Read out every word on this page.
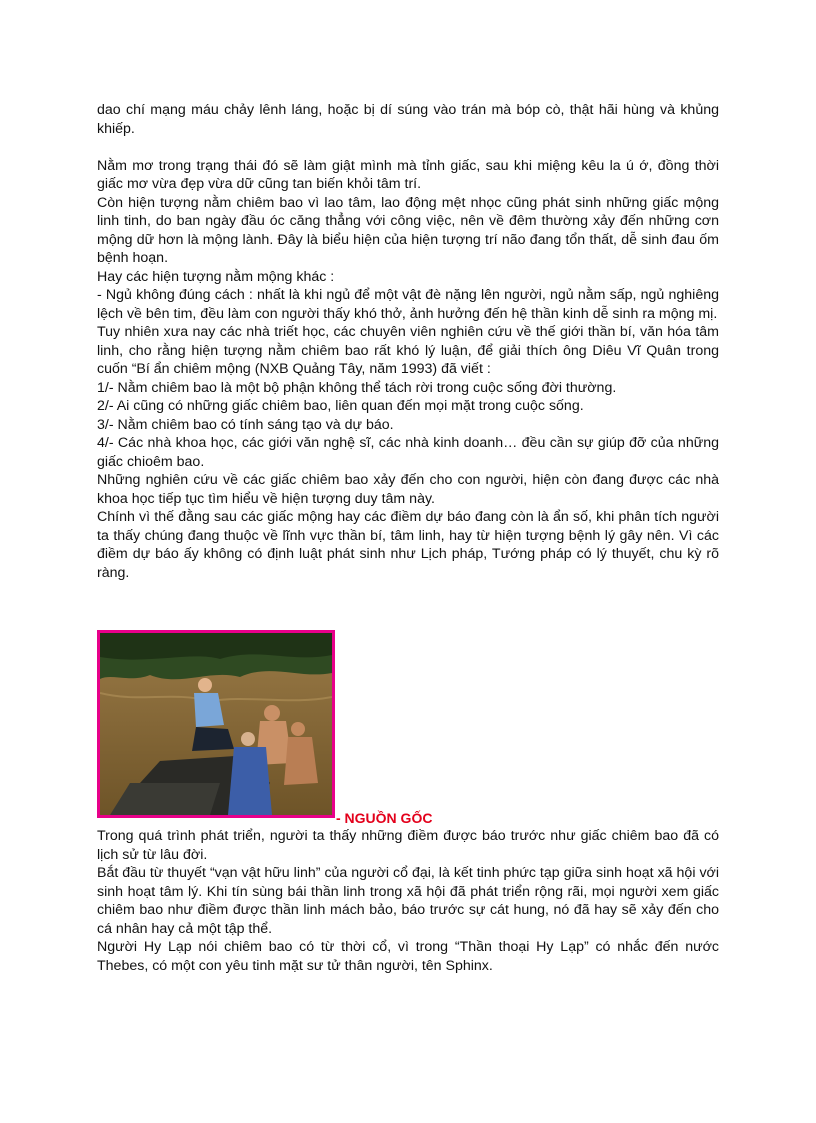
dao chí mạng máu chảy lênh láng, hoặc bị dí súng vào trán mà bóp cò, thật hãi hùng và khủng khiếp.

Nằm mơ trong trạng thái đó sẽ làm giật mình mà tỉnh giấc, sau khi miệng kêu la ú ớ, đồng thời giấc mơ vừa đẹp vừa dữ cũng tan biến khỏi tâm trí.

Còn hiện tượng nằm chiêm bao vì lao tâm, lao động mệt nhọc cũng phát sinh những giấc mộng linh tinh, do ban ngày đầu óc căng thẳng với công việc, nên về đêm thường xảy đến những cơn mộng dữ hơn là mộng lành. Đây là biểu hiện của hiện tượng trí não đang tổn thất, dễ sinh đau ốm bệnh hoạn.

Hay các hiện tượng nằm mộng khác :

- Ngủ không đúng cách : nhất là khi ngủ để một vật đè nặng lên người, ngủ nằm sấp, ngủ nghiêng lệch về bên tim, đều làm con người thấy khó thở, ảnh hưởng đến hệ thần kinh dễ sinh ra mộng mị.

Tuy nhiên xưa nay các nhà triết học, các chuyên viên nghiên cứu về thế giới thần bí, văn hóa tâm linh, cho rằng hiện tượng nằm chiêm bao rất khó lý luận, để giải thích ông Diêu Vĩ Quân trong cuốn “Bí ẩn chiêm mộng (NXB Quảng Tây, năm 1993) đã viết :

1/- Nằm chiêm bao là một bộ phận không thể tách rời trong cuộc sống đời thường.

2/- Ai cũng có những giấc chiêm bao, liên quan đến mọi mặt trong cuộc sống.

3/- Nằm chiêm bao có tính sáng tạo và dự báo.

4/- Các nhà khoa học, các giới văn nghệ sĩ, các nhà kinh doanh… đều cần sự giúp đỡ của những giấc chioêm bao.

Những nghiên cứu về các giấc chiêm bao xảy đến cho con người, hiện còn đang được các nhà khoa học tiếp tục tìm hiểu về hiện tượng duy tâm này.

Chính vì thế đằng sau các giấc mộng hay các điềm dự báo đang còn là ẩn số, khi phân tích người ta thấy chúng đang thuộc về lĩnh vực thần bí, tâm linh, hay từ hiện tượng bệnh lý gây nên. Vì các điềm dự báo ấy không có định luật phát sinh như Lịch pháp, Tướng pháp có lý thuyết, chu kỳ rõ ràng.

- NGUỒN GỐC

Trong quá trình phát triển, người ta thấy những điềm được báo trước như giấc chiêm bao đã có lịch sử từ lâu đời.

Bắt đầu từ thuyết “vạn vật hữu linh” của người cổ đại, là kết tinh phức tạp giữa sinh hoạt xã hội với sinh hoạt tâm lý. Khi tín sùng bái thần linh trong xã hội đã phát triển rộng rãi, mọi người xem giấc chiêm bao như điềm được thần linh mách bảo, báo trước sự cát hung, nó đã hay sẽ xảy đến cho cá nhân hay cả một tập thể.

Người Hy Lạp nói chiêm bao có từ thời cổ, vì trong “Thần thoại Hy Lạp” có nhắc đến nước Thebes, có một con yêu tinh mặt sư tử thân người, tên Sphinx.
